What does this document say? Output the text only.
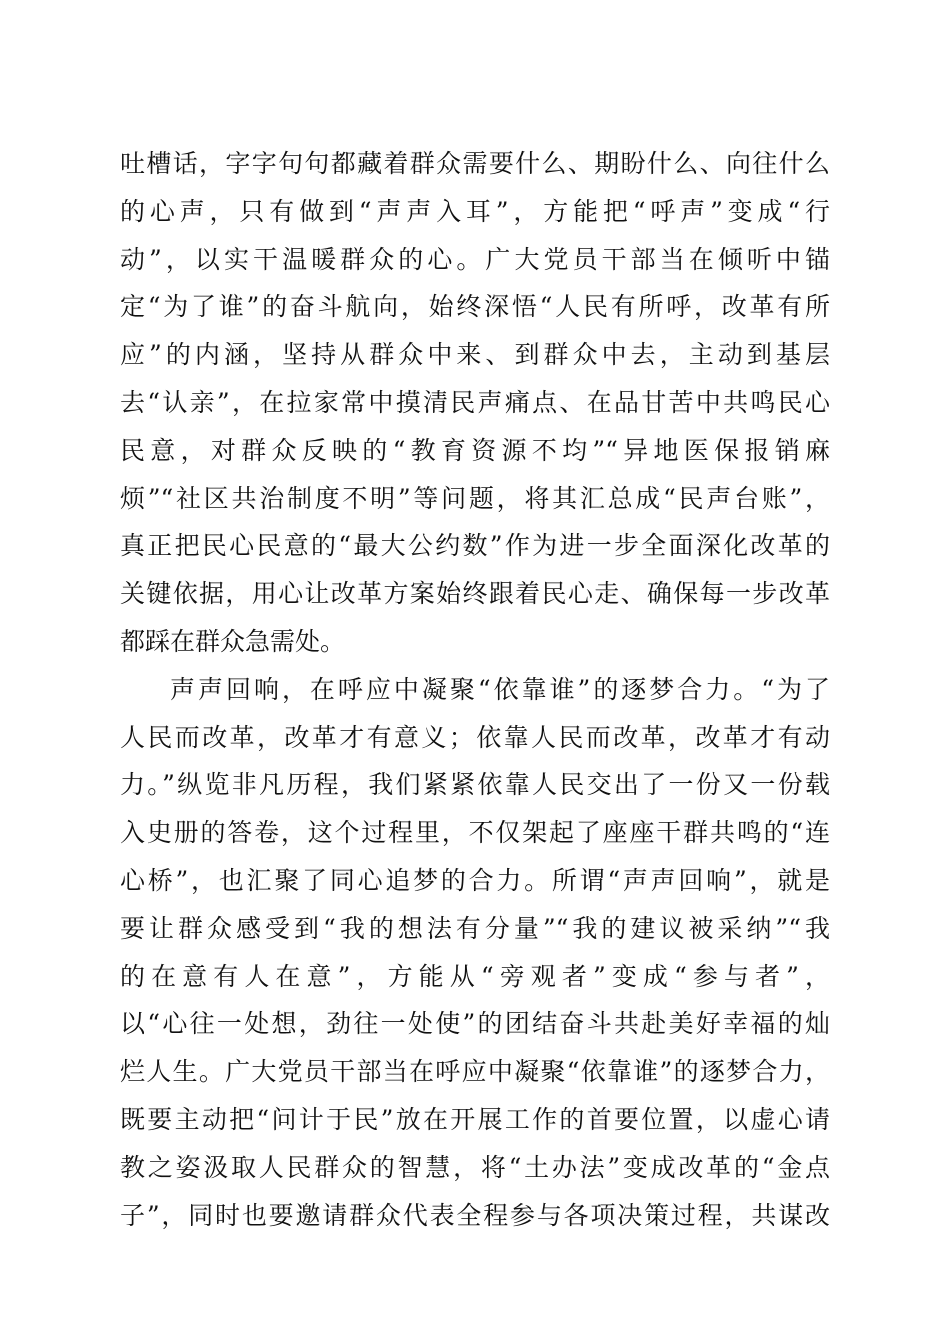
吐槽话，字字句句都藏着群众需要什么、期盼什么、向往什么
的心声，只有做到“声声入耳”，方能把“呼声”变成“行
动”，以实干温暖群众的心。广大党员干部当在倾听中锚
定“为了谁”的奋斗航向，始终深悟“人民有所呼，改革有所
应”的内涵，坚持从群众中来、到群众中去，主动到基层
去“认亲”，在拉家常中摸清民声痛点、在品甘苦中共鸣民心
民意，对群众反映的“教育资源不均”“异地医保报销麻
烦”“社区共治制度不明”等问题，将其汇总成“民声台账”，
真正把民心民意的“最大公约数”作为进一步全面深化改革的
关键依据，用心让改革方案始终跟着民心走、确保每一步改革
都踩在群众急需处。
声声回响，在呼应中凝聚“依靠谁”的逐梦合力。“为了
人民而改革，改革才有意义；依靠人民而改革，改革才有动
力。”纵览非凡历程，我们紧紧依靠人民交出了一份又一份载
入史册的答卷，这个过程里，不仅架起了座座干群共鸣的“连
心桥”，也汇聚了同心追梦的合力。所谓“声声回响”，就是
要让群众感受到“我的想法有分量”“我的建议被采纳”“我
的在意有人在意”，方能从“旁观者”变成“参与者”，
以“心往一处想，劲往一处使”的团结奋斗共赴美好幸福的灿
烂人生。广大党员干部当在呼应中凝聚“依靠谁”的逐梦合力，
既要主动把“问计于民”放在开展工作的首要位置，以虚心请
教之姿汲取人民群众的智慧，将“土办法”变成改革的“金点
子”，同时也要邀请群众代表全程参与各项决策过程，共谋改
